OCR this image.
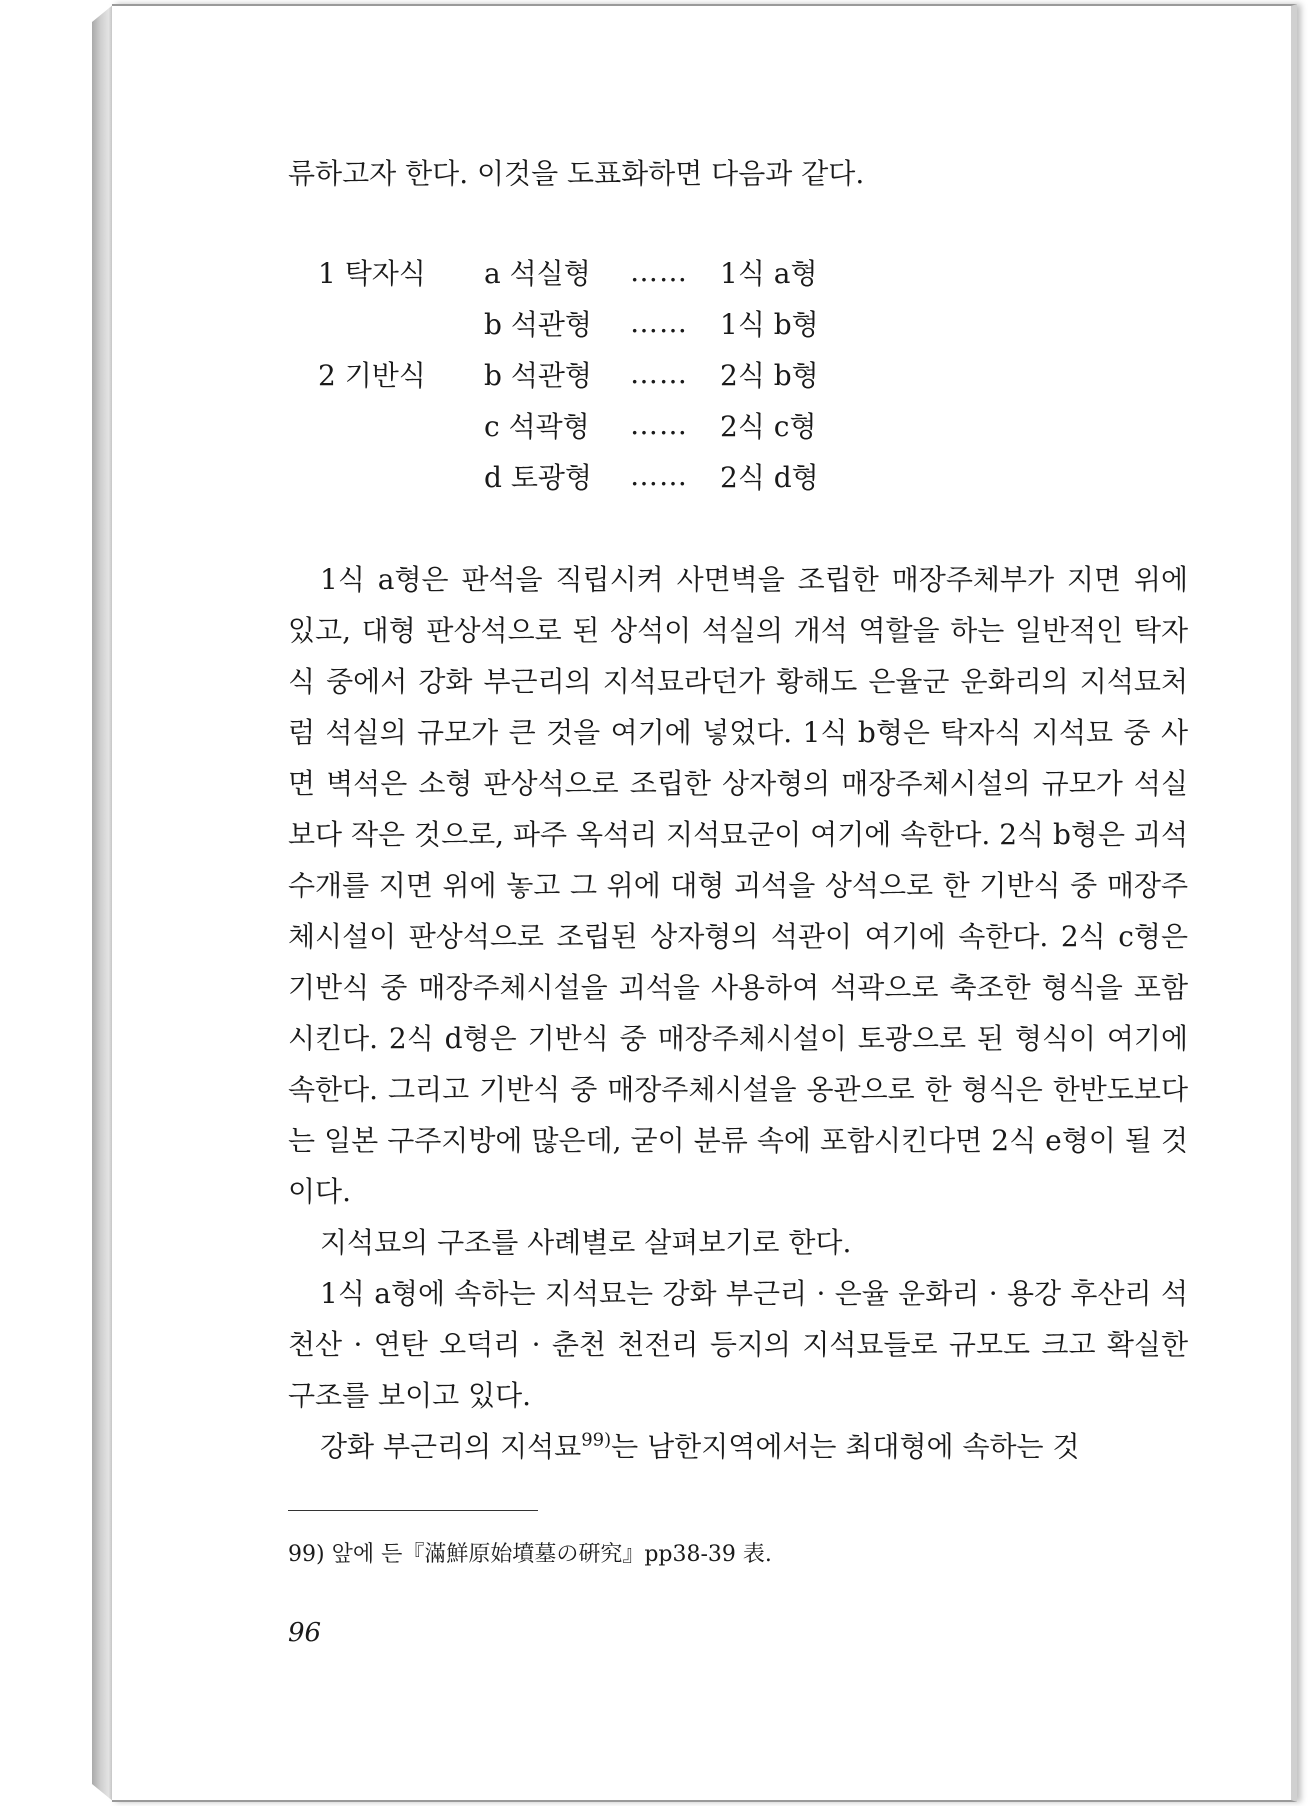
류하고자 한다. 이것을 도표화하면 다음과 같다.
1 탁자식	a 석실형	……	1식 a형
	b 석관형	……	1식 b형
2 기반식	b 석관형	……	2식 b형
	c 석곽형	……	2식 c형
	d 토광형	……	2식 d형

1식 a형은 판석을 직립시켜 사면벽을 조립한 매장주체부가 지면 위에 있고, 대형 판상석으로 된 상석이 석실의 개석 역할을 하는 일반적인 탁자식 중에서 강화 부근리의 지석묘라던가 황해도 은율군 운화리의 지석묘처럼 석실의 규모가 큰 것을 여기에 넣었다. 1식 b형은 탁자식 지석묘 중 사면 벽석은 소형 판상석으로 조립한 상자형의 매장주체시설의 규모가 석실보다 작은 것으로, 파주 옥석리 지석묘군이 여기에 속한다. 2식 b형은 괴석 수개를 지면 위에 놓고 그 위에 대형 괴석을 상석으로 한 기반식 중 매장주체시설이 판상석으로 조립된 상자형의 석관이 여기에 속한다. 2식 c형은 기반식 중 매장주체시설을 괴석을 사용하여 석곽으로 축조한 형식을 포함시킨다. 2식 d형은 기반식 중 매장주체시설이 토광으로 된 형식이 여기에 속한다. 그리고 기반식 중 매장주체시설을 옹관으로 한 형식은 한반도보다는 일본 구주지방에 많은데, 굳이 분류 속에 포함시킨다면 2식 e형이 될 것이다.

지석묘의 구조를 사례별로 살펴보기로 한다.

1식 a형에 속하는 지석묘는 강화 부근리 · 은율 운화리 · 용강 후산리 석천산 · 연탄 오덕리 · 춘천 천전리 등지의 지석묘들로 규모도 크고 확실한 구조를 보이고 있다.

강화 부근리의 지석묘$^{99)}$는 남한지역에서는 최대형에 속하는 것

99) 앞에 든『滿鮮原始墳墓の硏究』pp38-39 表.
96
